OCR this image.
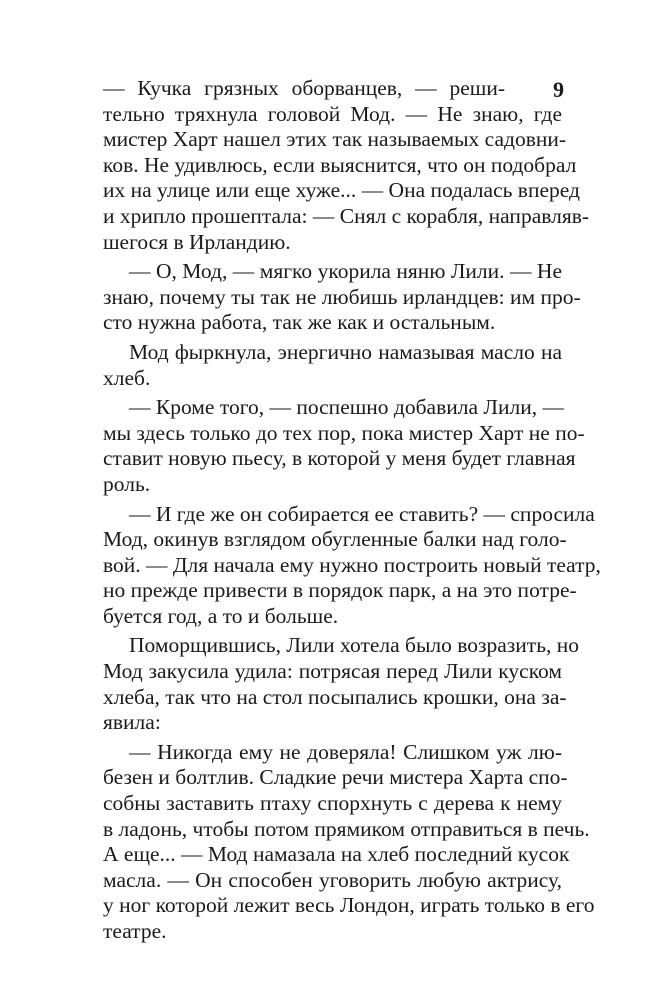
9
— Кучка грязных оборванцев, — реши-
тельно тряхнула головой Мод. — Не знаю, где
мистер Харт нашел этих так называемых садовни-
ков. Не удивлюсь, если выяснится, что он подобрал
их на улице или еще хуже... — Она подалась вперед
и хрипло прошептала: — Снял с корабля, направляв-
шегося в Ирландию.
— О, Мод, — мягко укорила няню Лили. — Не
знаю, почему ты так не любишь ирландцев: им про-
сто нужна работа, так же как и остальным.
Мод фыркнула, энергично намазывая масло на
хлеб.
— Кроме того, — поспешно добавила Лили, —
мы здесь только до тех пор, пока мистер Харт не по-
ставит новую пьесу, в которой у меня будет главная
роль.
— И где же он собирается ее ставить? — спросила
Мод, окинув взглядом обугленные балки над голо-
вой. — Для начала ему нужно построить новый театр,
но прежде привести в порядок парк, а на это потре-
буется год, а то и больше.
Поморщившись, Лили хотела было возразить, но
Мод закусила удила: потрясая перед Лили куском
хлеба, так что на стол посыпались крошки, она за-
явила:
— Никогда ему не доверяла! Слишком уж лю-
безен и болтлив. Сладкие речи мистера Харта спо-
собны заставить птаху спорхнуть с дерева к нему
в ладонь, чтобы потом прямиком отправиться в печь.
А еще... — Мод намазала на хлеб последний кусок
масла. — Он способен уговорить любую актрису,
у ног которой лежит весь Лондон, играть только в его
театре.
